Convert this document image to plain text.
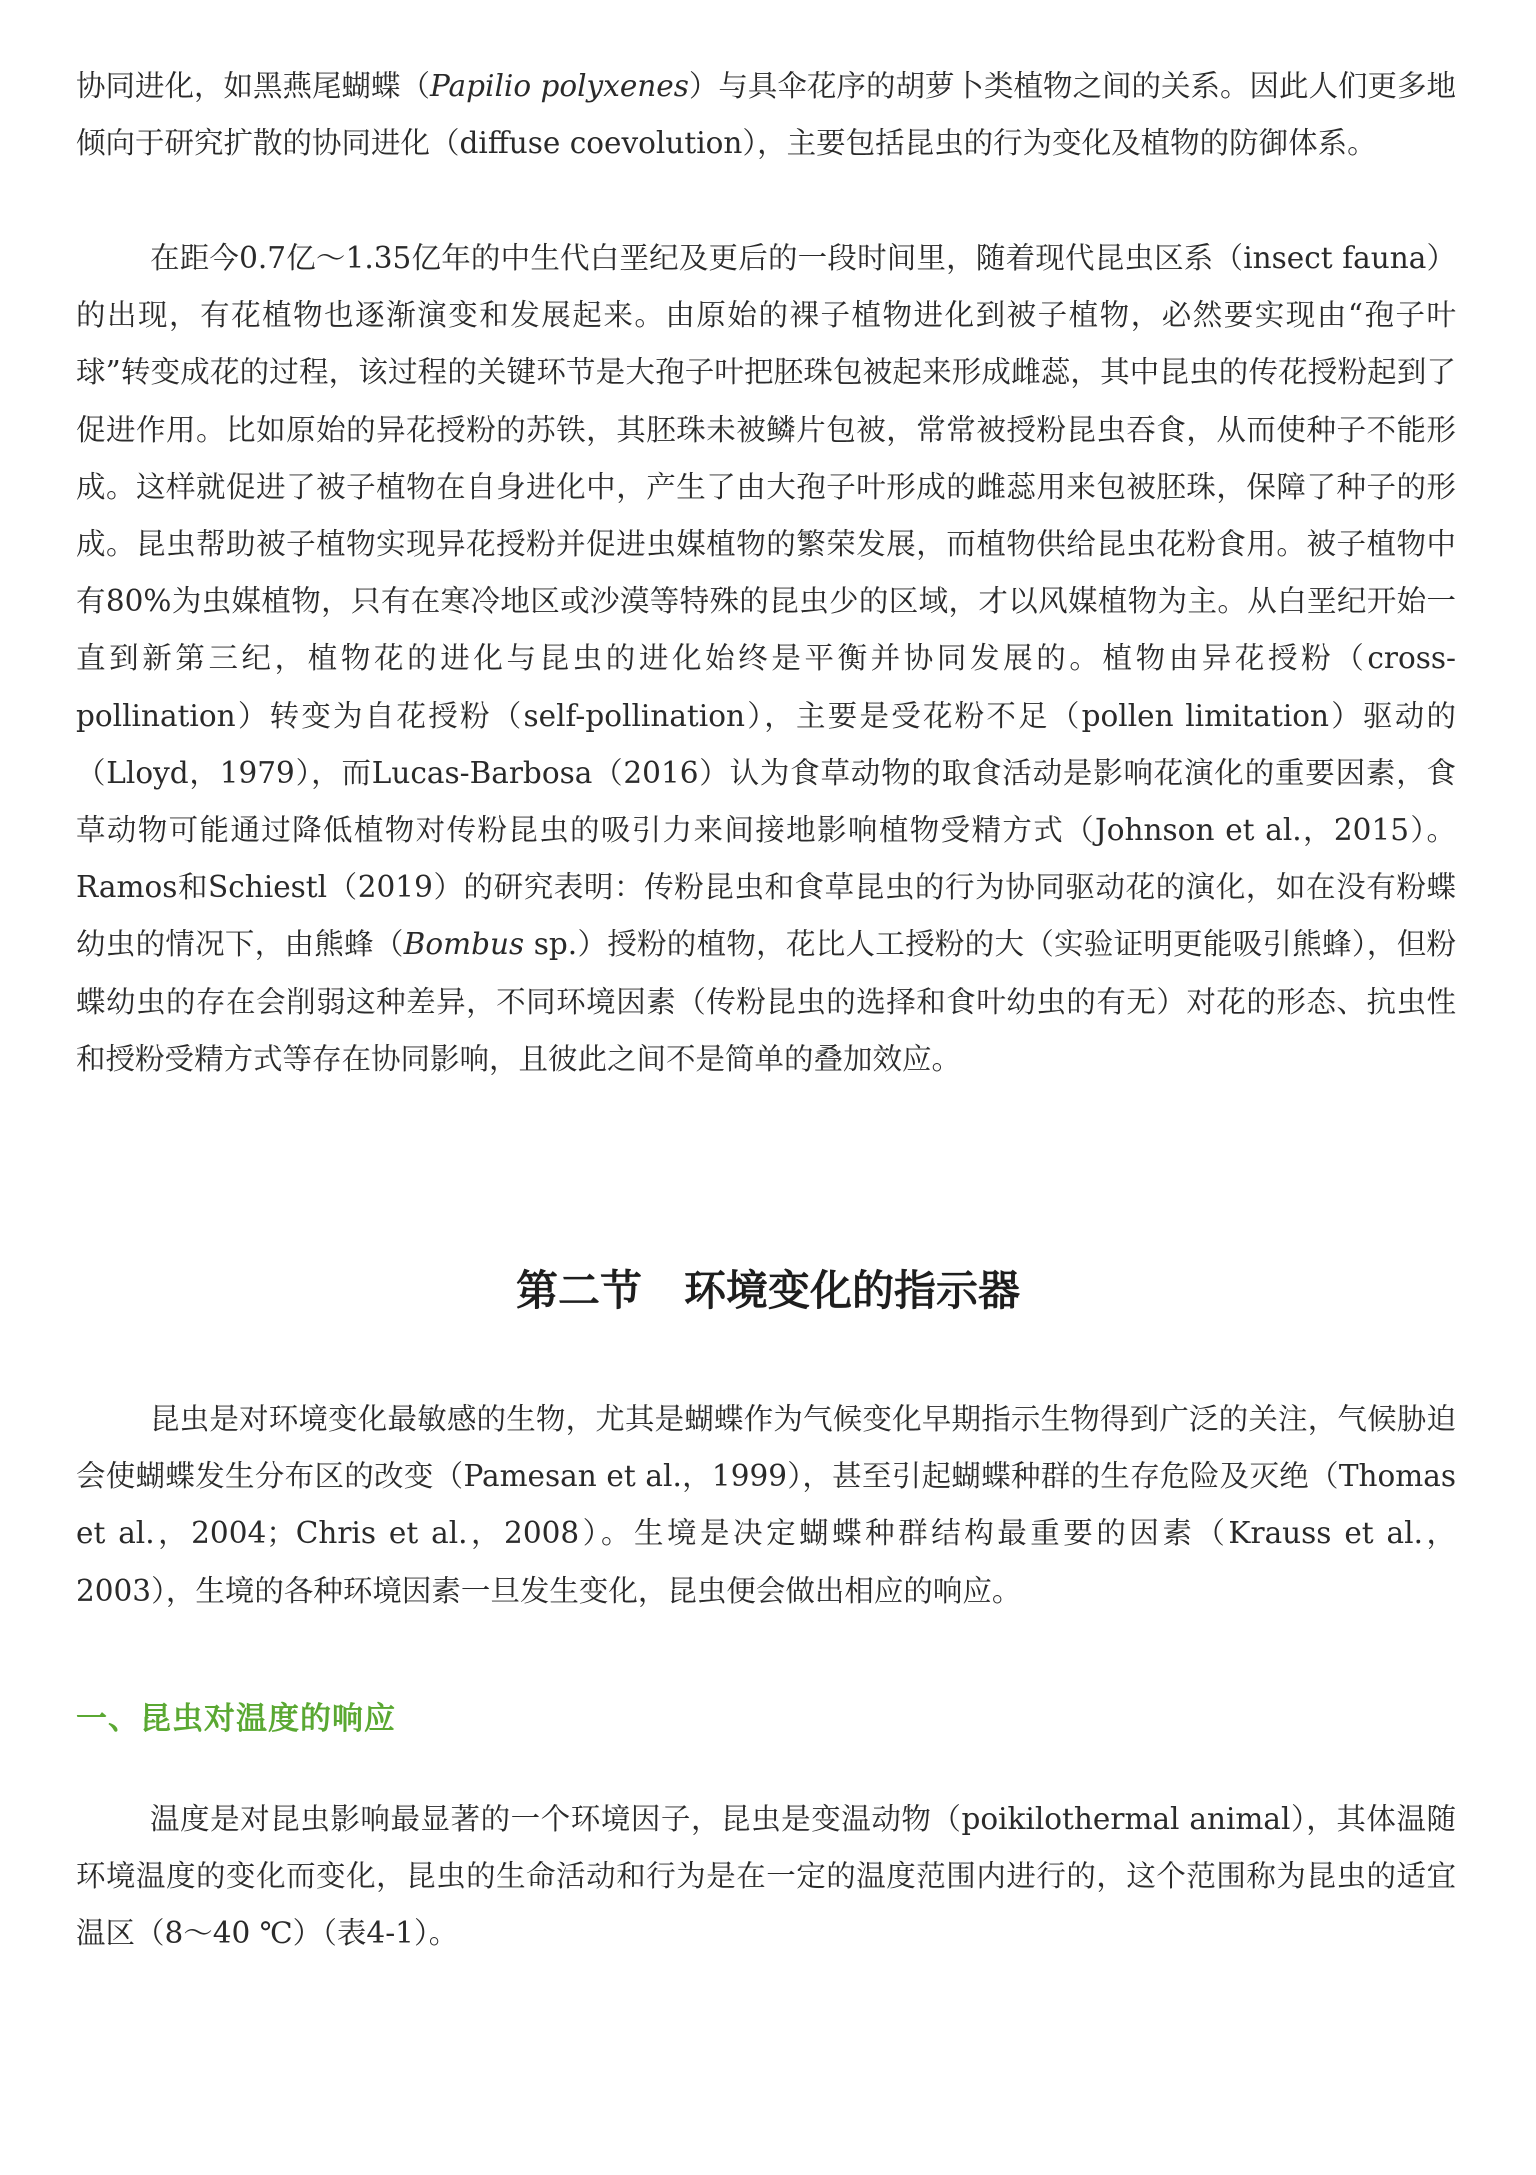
协同进化，如黑燕尾蝴蝶（Papilio polyxenes）与具伞花序的胡萝卜类植物之间的关系。因此人们更多地倾向于研究扩散的协同进化（diffuse coevolution），主要包括昆虫的行为变化及植物的防御体系。

在距今0.7亿～1.35亿年的中生代白垩纪及更后的一段时间里，随着现代昆虫区系（insect fauna）的出现，有花植物也逐渐演变和发展起来。由原始的裸子植物进化到被子植物，必然要实现由“孢子叶球”转变成花的过程，该过程的关键环节是大孢子叶把胚珠包被起来形成雌蕊，其中昆虫的传花授粉起到了促进作用。比如原始的异花授粉的苏铁，其胚珠未被鳞片包被，常常被授粉昆虫吞食，从而使种子不能形成。这样就促进了被子植物在自身进化中，产生了由大孢子叶形成的雌蕊用来包被胚珠，保障了种子的形成。昆虫帮助被子植物实现异花授粉并促进虫媒植物的繁荣发展，而植物供给昆虫花粉食用。被子植物中有80%为虫媒植物，只有在寒冷地区或沙漠等特殊的昆虫少的区域，才以风媒植物为主。从白垩纪开始一直到新第三纪，植物花的进化与昆虫的进化始终是平衡并协同发展的。植物由异花授粉（cross-pollination）转变为自花授粉（self-pollination），主要是受花粉不足（pollen limitation）驱动的（Lloyd，1979），而Lucas-Barbosa（2016）认为食草动物的取食活动是影响花演化的重要因素，食草动物可能通过降低植物对传粉昆虫的吸引力来间接地影响植物受精方式（Johnson et al.，2015）。Ramos和Schiestl（2019）的研究表明：传粉昆虫和食草昆虫的行为协同驱动花的演化，如在没有粉蝶幼虫的情况下，由熊蜂（Bombus sp.）授粉的植物，花比人工授粉的大（实验证明更能吸引熊蜂），但粉蝶幼虫的存在会削弱这种差异，不同环境因素（传粉昆虫的选择和食叶幼虫的有无）对花的形态、抗虫性和授粉受精方式等存在协同影响，且彼此之间不是简单的叠加效应。

第二节　环境变化的指示器

昆虫是对环境变化最敏感的生物，尤其是蝴蝶作为气候变化早期指示生物得到广泛的关注，气候胁迫会使蝴蝶发生分布区的改变（Pamesan et al.，1999），甚至引起蝴蝶种群的生存危险及灭绝（Thomas et al.，2004；Chris et al.，2008）。生境是决定蝴蝶种群结构最重要的因素（Krauss et al.，2003），生境的各种环境因素一旦发生变化，昆虫便会做出相应的响应。

一、昆虫对温度的响应

温度是对昆虫影响最显著的一个环境因子，昆虫是变温动物（poikilothermal animal），其体温随环境温度的变化而变化，昆虫的生命活动和行为是在一定的温度范围内进行的，这个范围称为昆虫的适宜温区（8～40 ℃）（表4-1）。
